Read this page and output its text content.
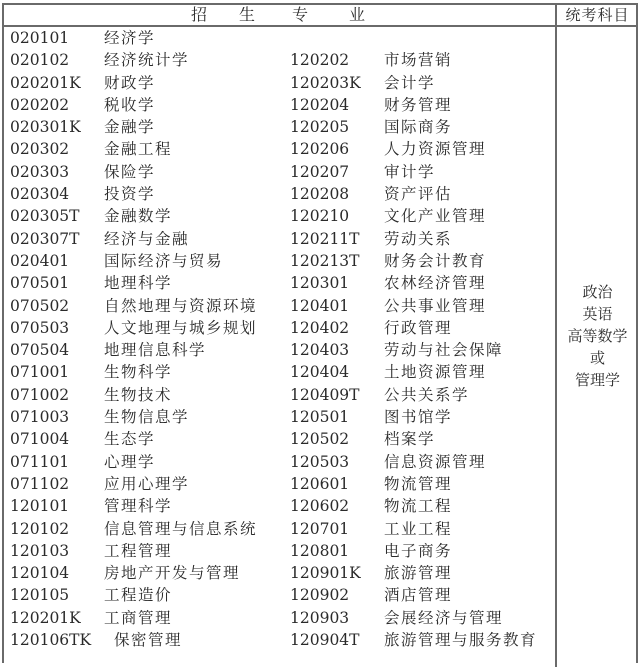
招 生 专	业	统考科目
020101 经济学
020102 经济统计学	120202 市场营销
020201K 财政学	120203K 会计学
020202 税收学	120204 财务管理
020301K 金融学	120205 国际商务
020302 金融工程	120206 人力资源管理
020303 保险学	120207 审计学
020304 投资学	120208 资产评估
020305T 金融数学	120210 文化产业管理
020307T 经济与金融	120211T 劳动关系
020401 国际经济与贸易	120213T 财务会计教育
070501 地理科学	120301 农林经济管理
070502 自然地理与资源环境 120401 公共事业管理
070503 人文地理与城乡规划 120402 行政管理
070504 地理信息科学	120403 劳动与社会保障
071001 生物科学	120404 土地资源管理
071002 生物技术	120409T 公共关系学
071003 生物信息学	120501 图书馆学
071004 生态学	120502 档案学
071101 心理学	120503 信息资源管理
071102 应用心理学	120601 物流管理
120101 管理科学	120602 物流工程
120102 信息管理与信息系统 120701 工业工程
120103 工程管理	120801 电子商务
120104 房地产开发与管理	120901K 旅游管理
120105 工程造价	120902 酒店管理
120201K 工商管理	120903 会展经济与管理
120106TK 保密管理	120904T 旅游管理与服务教育
政治
英语
高等数学
或
管理学
